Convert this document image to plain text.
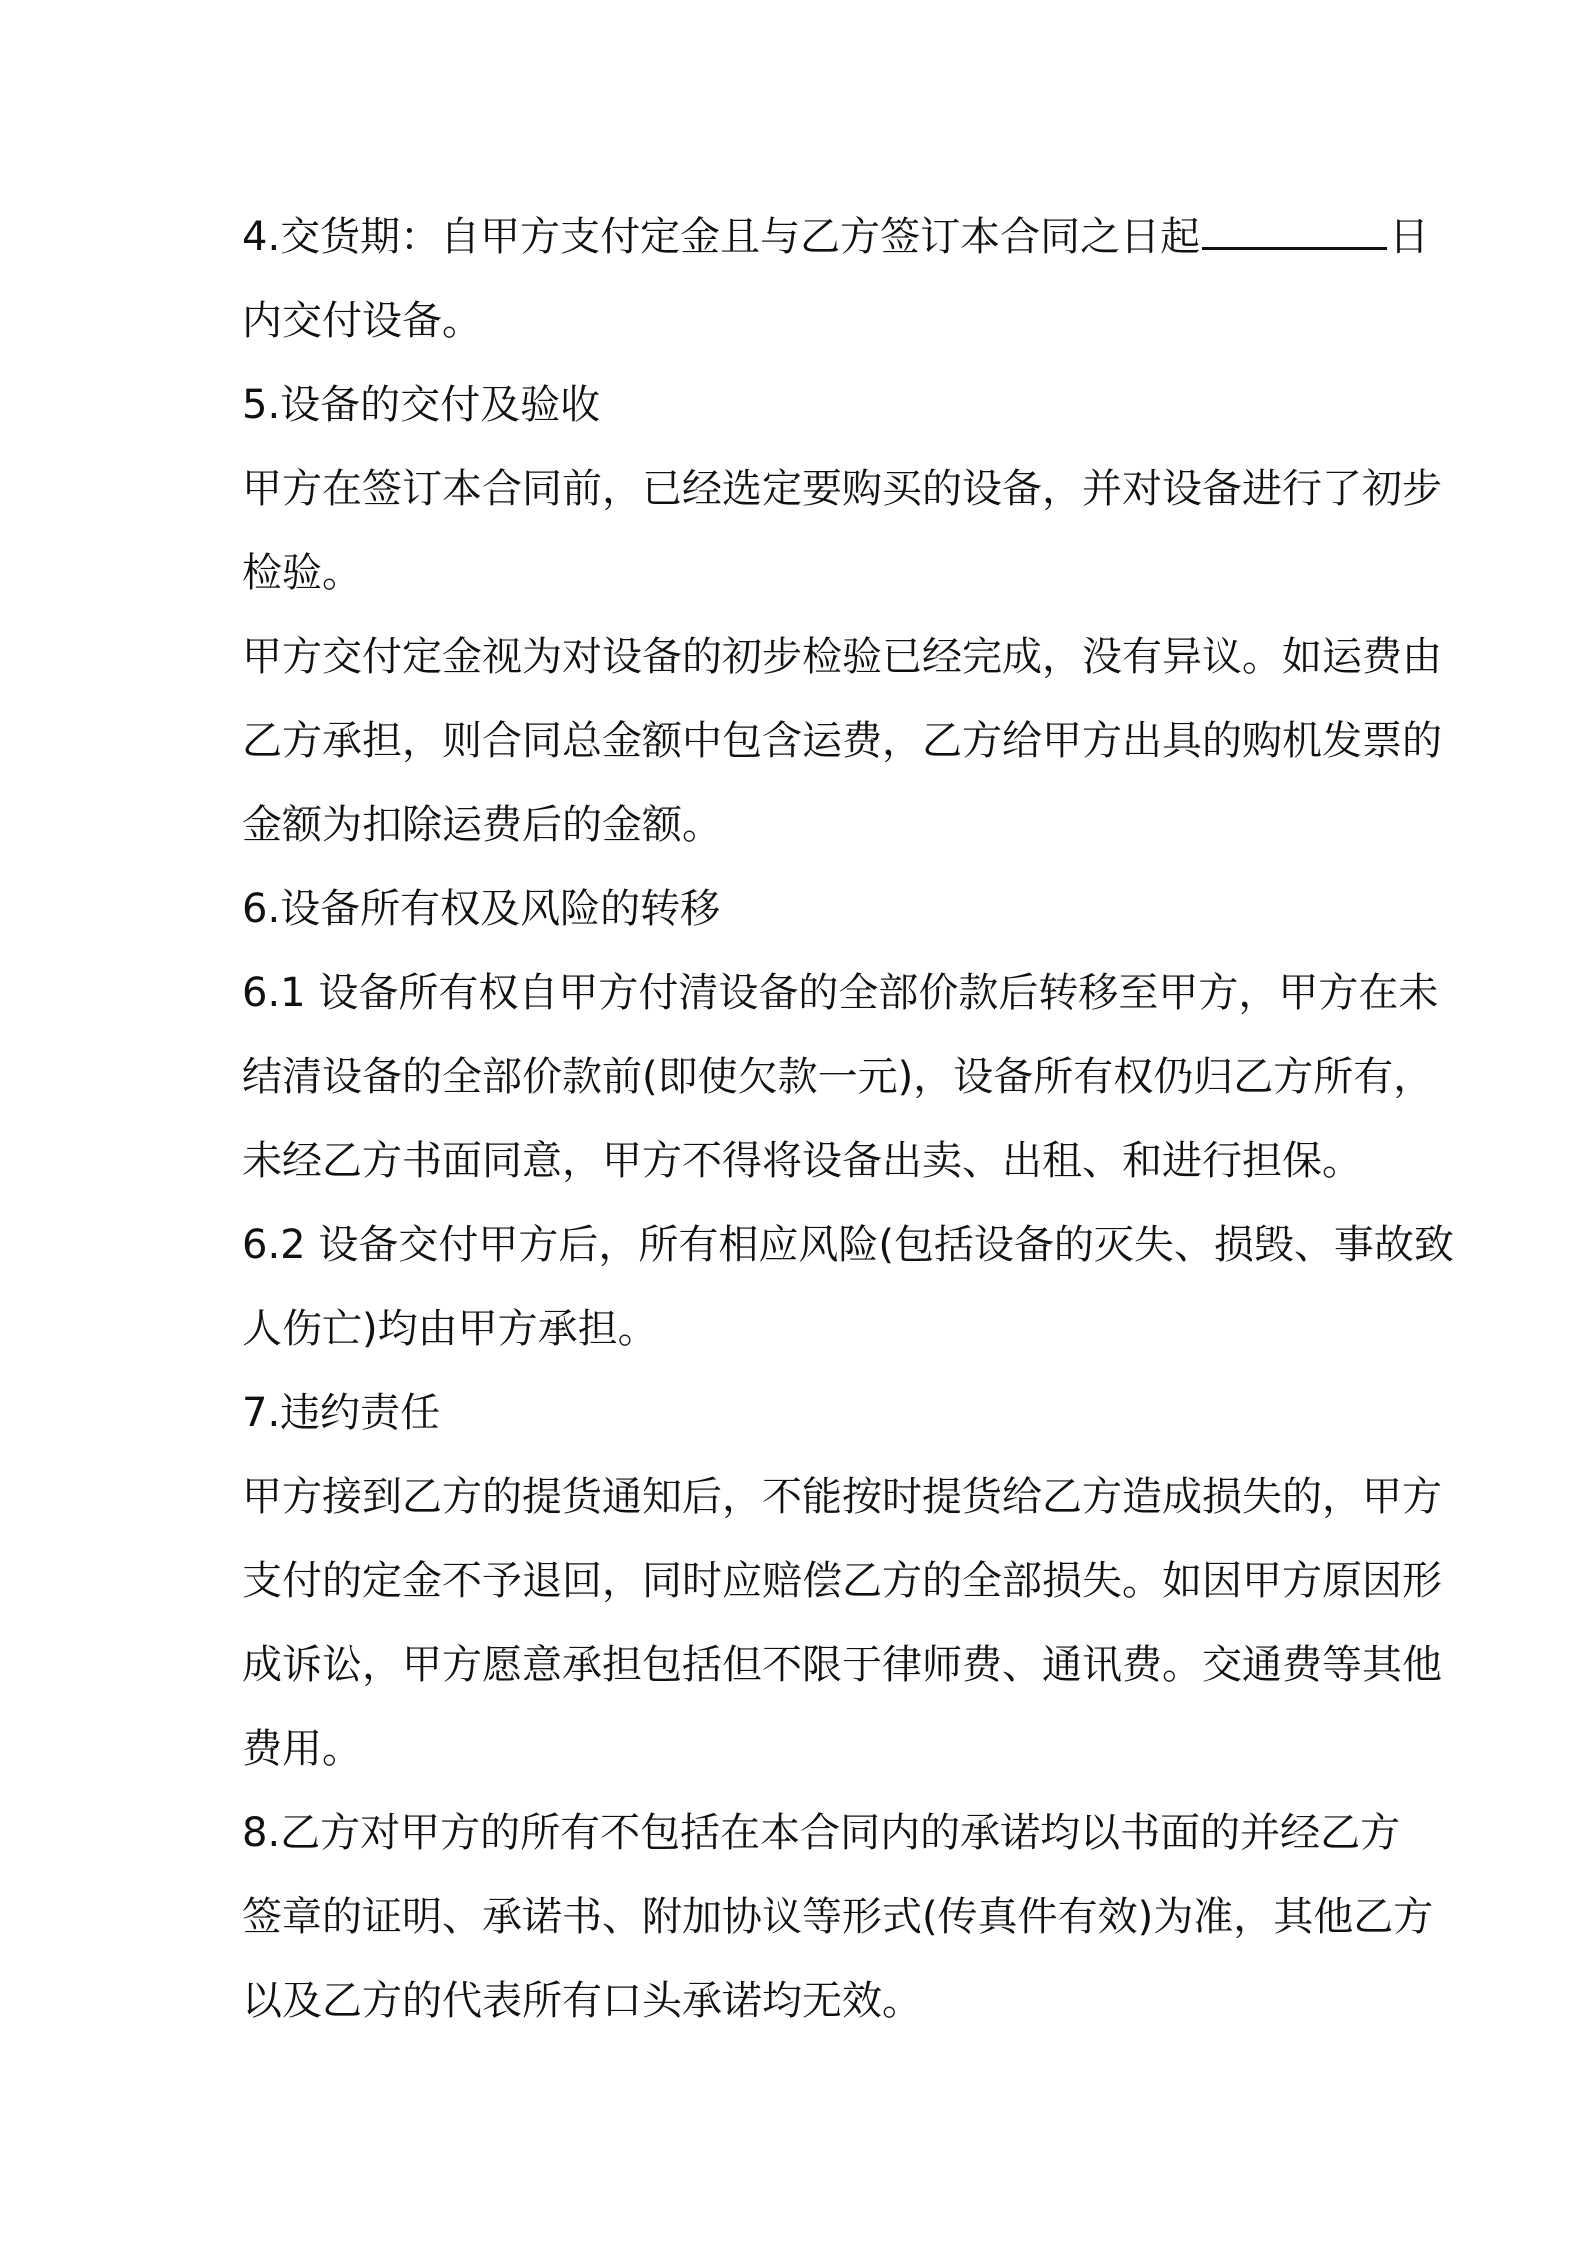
4.交货期：自甲方支付定金且与乙方签订本合同之日起	日
内交付设备。
5.设备的交付及验收
甲方在签订本合同前，已经选定要购买的设备，并对设备进行了初步
检验。
甲方交付定金视为对设备的初步检验已经完成，没有异议。如运费由
乙方承担，则合同总金额中包含运费，乙方给甲方出具的购机发票的
金额为扣除运费后的金额。
6.设备所有权及风险的转移
6.1 设备所有权自甲方付清设备的全部价款后转移至甲方，甲方在未
结清设备的全部价款前(即使欠款一元)，设备所有权仍归乙方所有，
未经乙方书面同意，甲方不得将设备出卖、出租、和进行担保。
6.2 设备交付甲方后，所有相应风险(包括设备的灭失、损毁、事故致
人伤亡)均由甲方承担。
7.违约责任
甲方接到乙方的提货通知后，不能按时提货给乙方造成损失的，甲方
支付的定金不予退回，同时应赔偿乙方的全部损失。如因甲方原因形
成诉讼，甲方愿意承担包括但不限于律师费、通讯费。交通费等其他
费用。
8.乙方对甲方的所有不包括在本合同内的承诺均以书面的并经乙方
签章的证明、承诺书、附加协议等形式(传真件有效)为准，其他乙方
以及乙方的代表所有口头承诺均无效。
